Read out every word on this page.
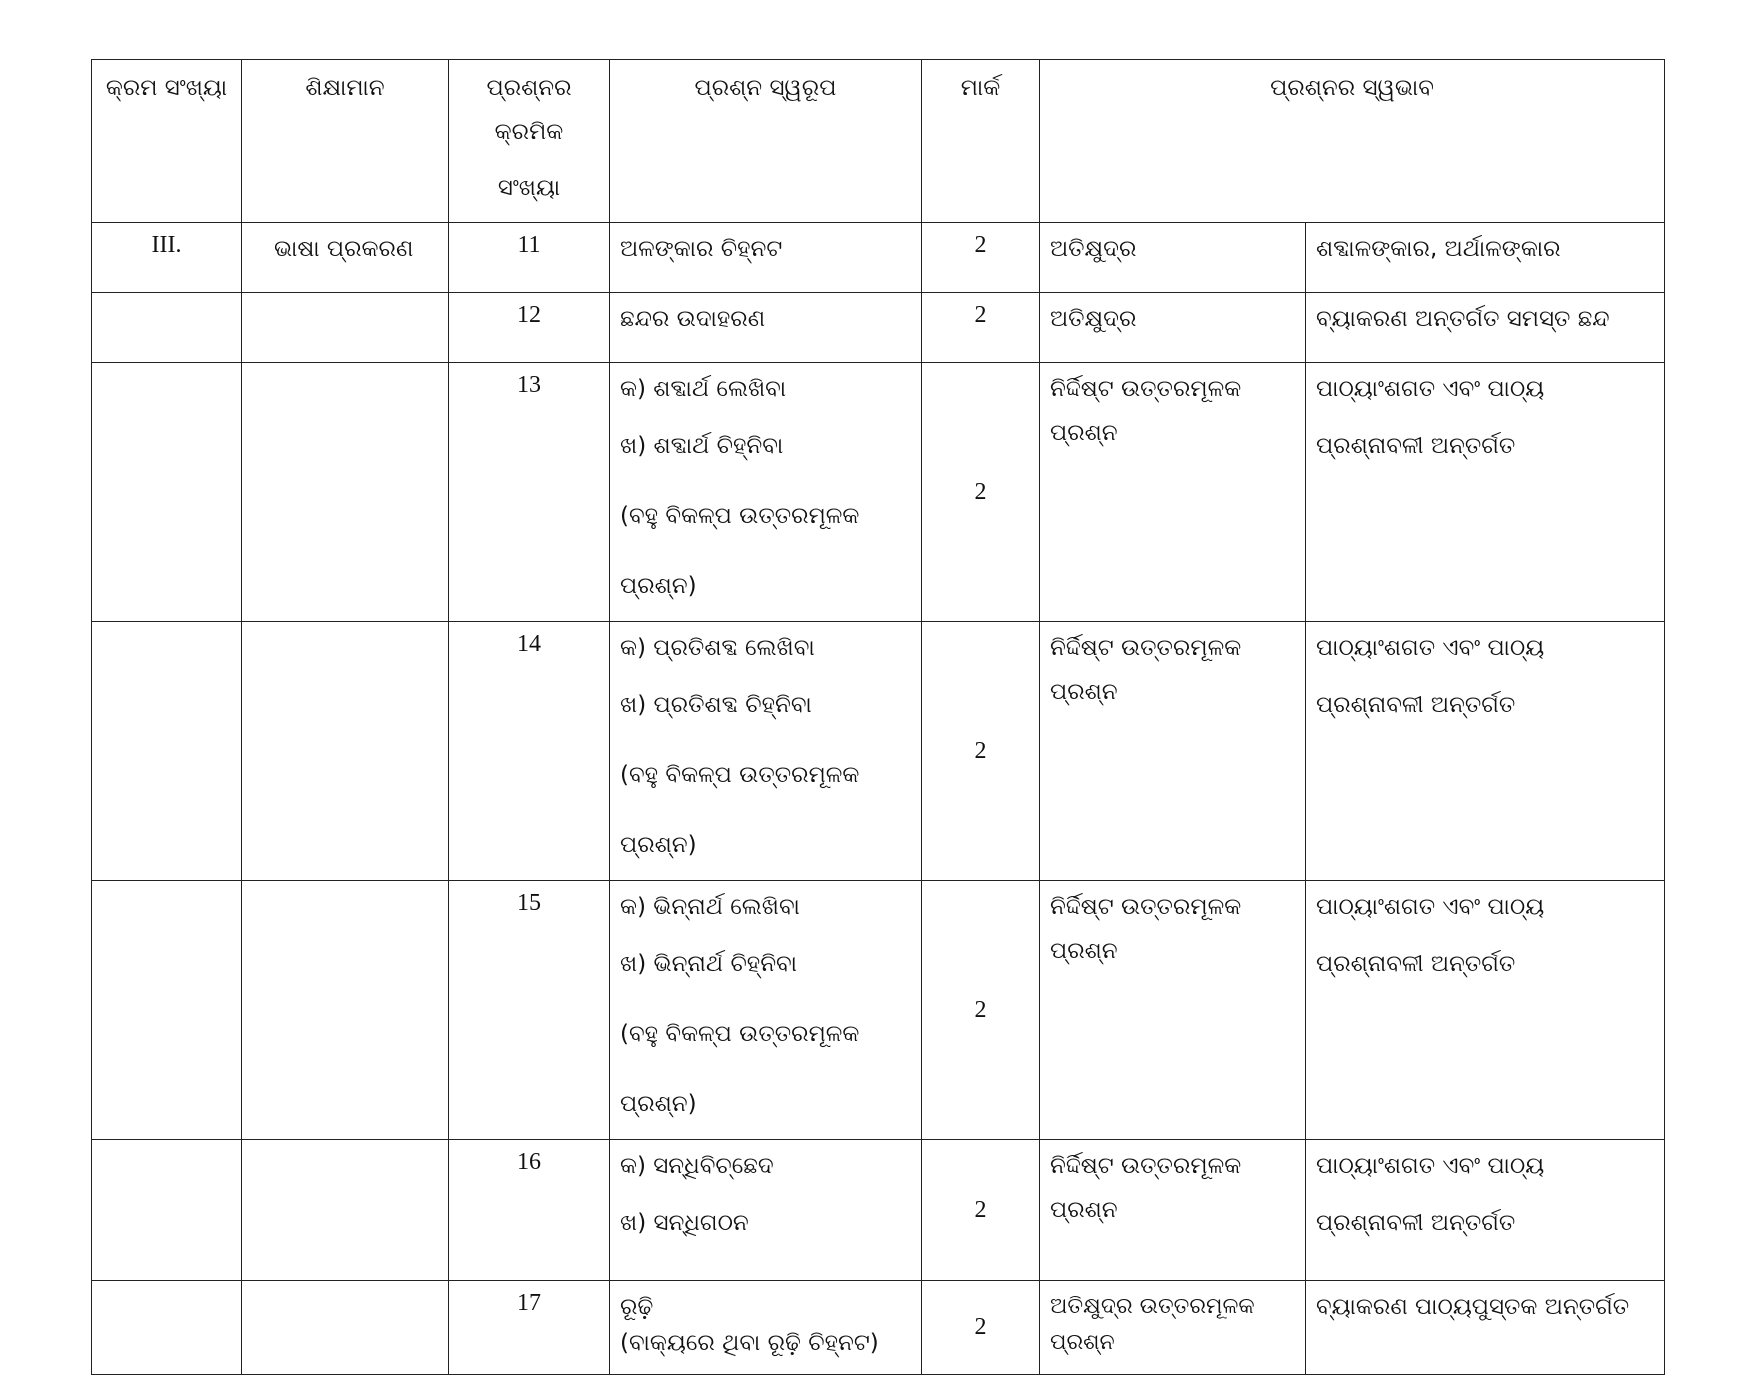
କ୍ରମ ସଂଖ୍ୟା	ଶିକ୍ଷାମାନ	ପ୍ରଶ୍ନର କ୍ରମିକ
ସଂଖ୍ୟା	ପ୍ରଶ୍ନ ସ୍ୱରୂପ	ମାର୍କ	ପ୍ରଶ୍ନର ସ୍ୱଭାବ	

III.	ଭାଷା ପ୍ରକରଣ	11	ଅଳଙ୍କାର ଚିହ୍ନଟ	2	ଅତିକ୍ଷୁଦ୍ର	ଶବ୍ଦାଳଙ୍କାର, ଅର୍ଥାଳଙ୍କାର

		12	ଛନ୍ଦର ଉଦାହରଣ	2	ଅତିକ୍ଷୁଦ୍ର	ବ୍ୟାକରଣ ଅନ୍ତର୍ଗତ ସମସ୍ତ ଛନ୍ଦ

		13	କ) ଶବ୍ଦାର୍ଥ ଲେଖିବା
ଖ) ଶବ୍ଦାର୍ଥ ଚିହ୍ନିବା
(ବହୁ ବିକଳ୍ପ ଉତ୍ତରମୂଳକ ପ୍ରଶ୍ନ)	2	ନିର୍ଦ୍ଦିଷ୍ଟ ଉତ୍ତରମୂଳକ ପ୍ରଶ୍ନ	ପାଠ୍ୟାଂଶଗତ ଏବଂ ପାଠ୍ୟ
ପ୍ରଶ୍ନାବଳୀ ଅନ୍ତର୍ଗତ

		14	କ) ପ୍ରତିଶବ୍ଦ ଲେଖିବା
ଖ) ପ୍ରତିଶବ୍ଦ ଚିହ୍ନିବା
(ବହୁ ବିକଳ୍ପ ଉତ୍ତରମୂଳକ ପ୍ରଶ୍ନ)	2	ନିର୍ଦ୍ଦିଷ୍ଟ ଉତ୍ତରମୂଳକ ପ୍ରଶ୍ନ	ପାଠ୍ୟାଂଶଗତ ଏବଂ ପାଠ୍ୟ
ପ୍ରଶ୍ନାବଳୀ ଅନ୍ତର୍ଗତ

		15	କ) ଭିନ୍ନାର୍ଥ ଲେଖିବା
ଖ) ଭିନ୍ନାର୍ଥ ଚିହ୍ନିବା
(ବହୁ ବିକଳ୍ପ ଉତ୍ତରମୂଳକ ପ୍ରଶ୍ନ)	2	ନିର୍ଦ୍ଦିଷ୍ଟ ଉତ୍ତରମୂଳକ ପ୍ରଶ୍ନ	ପାଠ୍ୟାଂଶଗତ ଏବଂ ପାଠ୍ୟ
ପ୍ରଶ୍ନାବଳୀ ଅନ୍ତର୍ଗତ

		16	କ) ସନ୍ଧିବିଚ୍ଛେଦ
ଖ) ସନ୍ଧିଗଠନ	2	ନିର୍ଦ୍ଦିଷ୍ଟ ଉତ୍ତରମୂଳକ ପ୍ରଶ୍ନ	ପାଠ୍ୟାଂଶଗତ ଏବଂ ପାଠ୍ୟ
ପ୍ରଶ୍ନାବଳୀ ଅନ୍ତର୍ଗତ

		17	ରୂଢ଼ି
(ବାକ୍ୟରେ ଥିବା ରୂଢ଼ି ଚିହ୍ନଟ)	2	ଅତିକ୍ଷୁଦ୍ର ଉତ୍ତରମୂଳକ ପ୍ରଶ୍ନ	ବ୍ୟାକରଣ ପାଠ୍ୟପୁସ୍ତକ ଅନ୍ତର୍ଗତ
